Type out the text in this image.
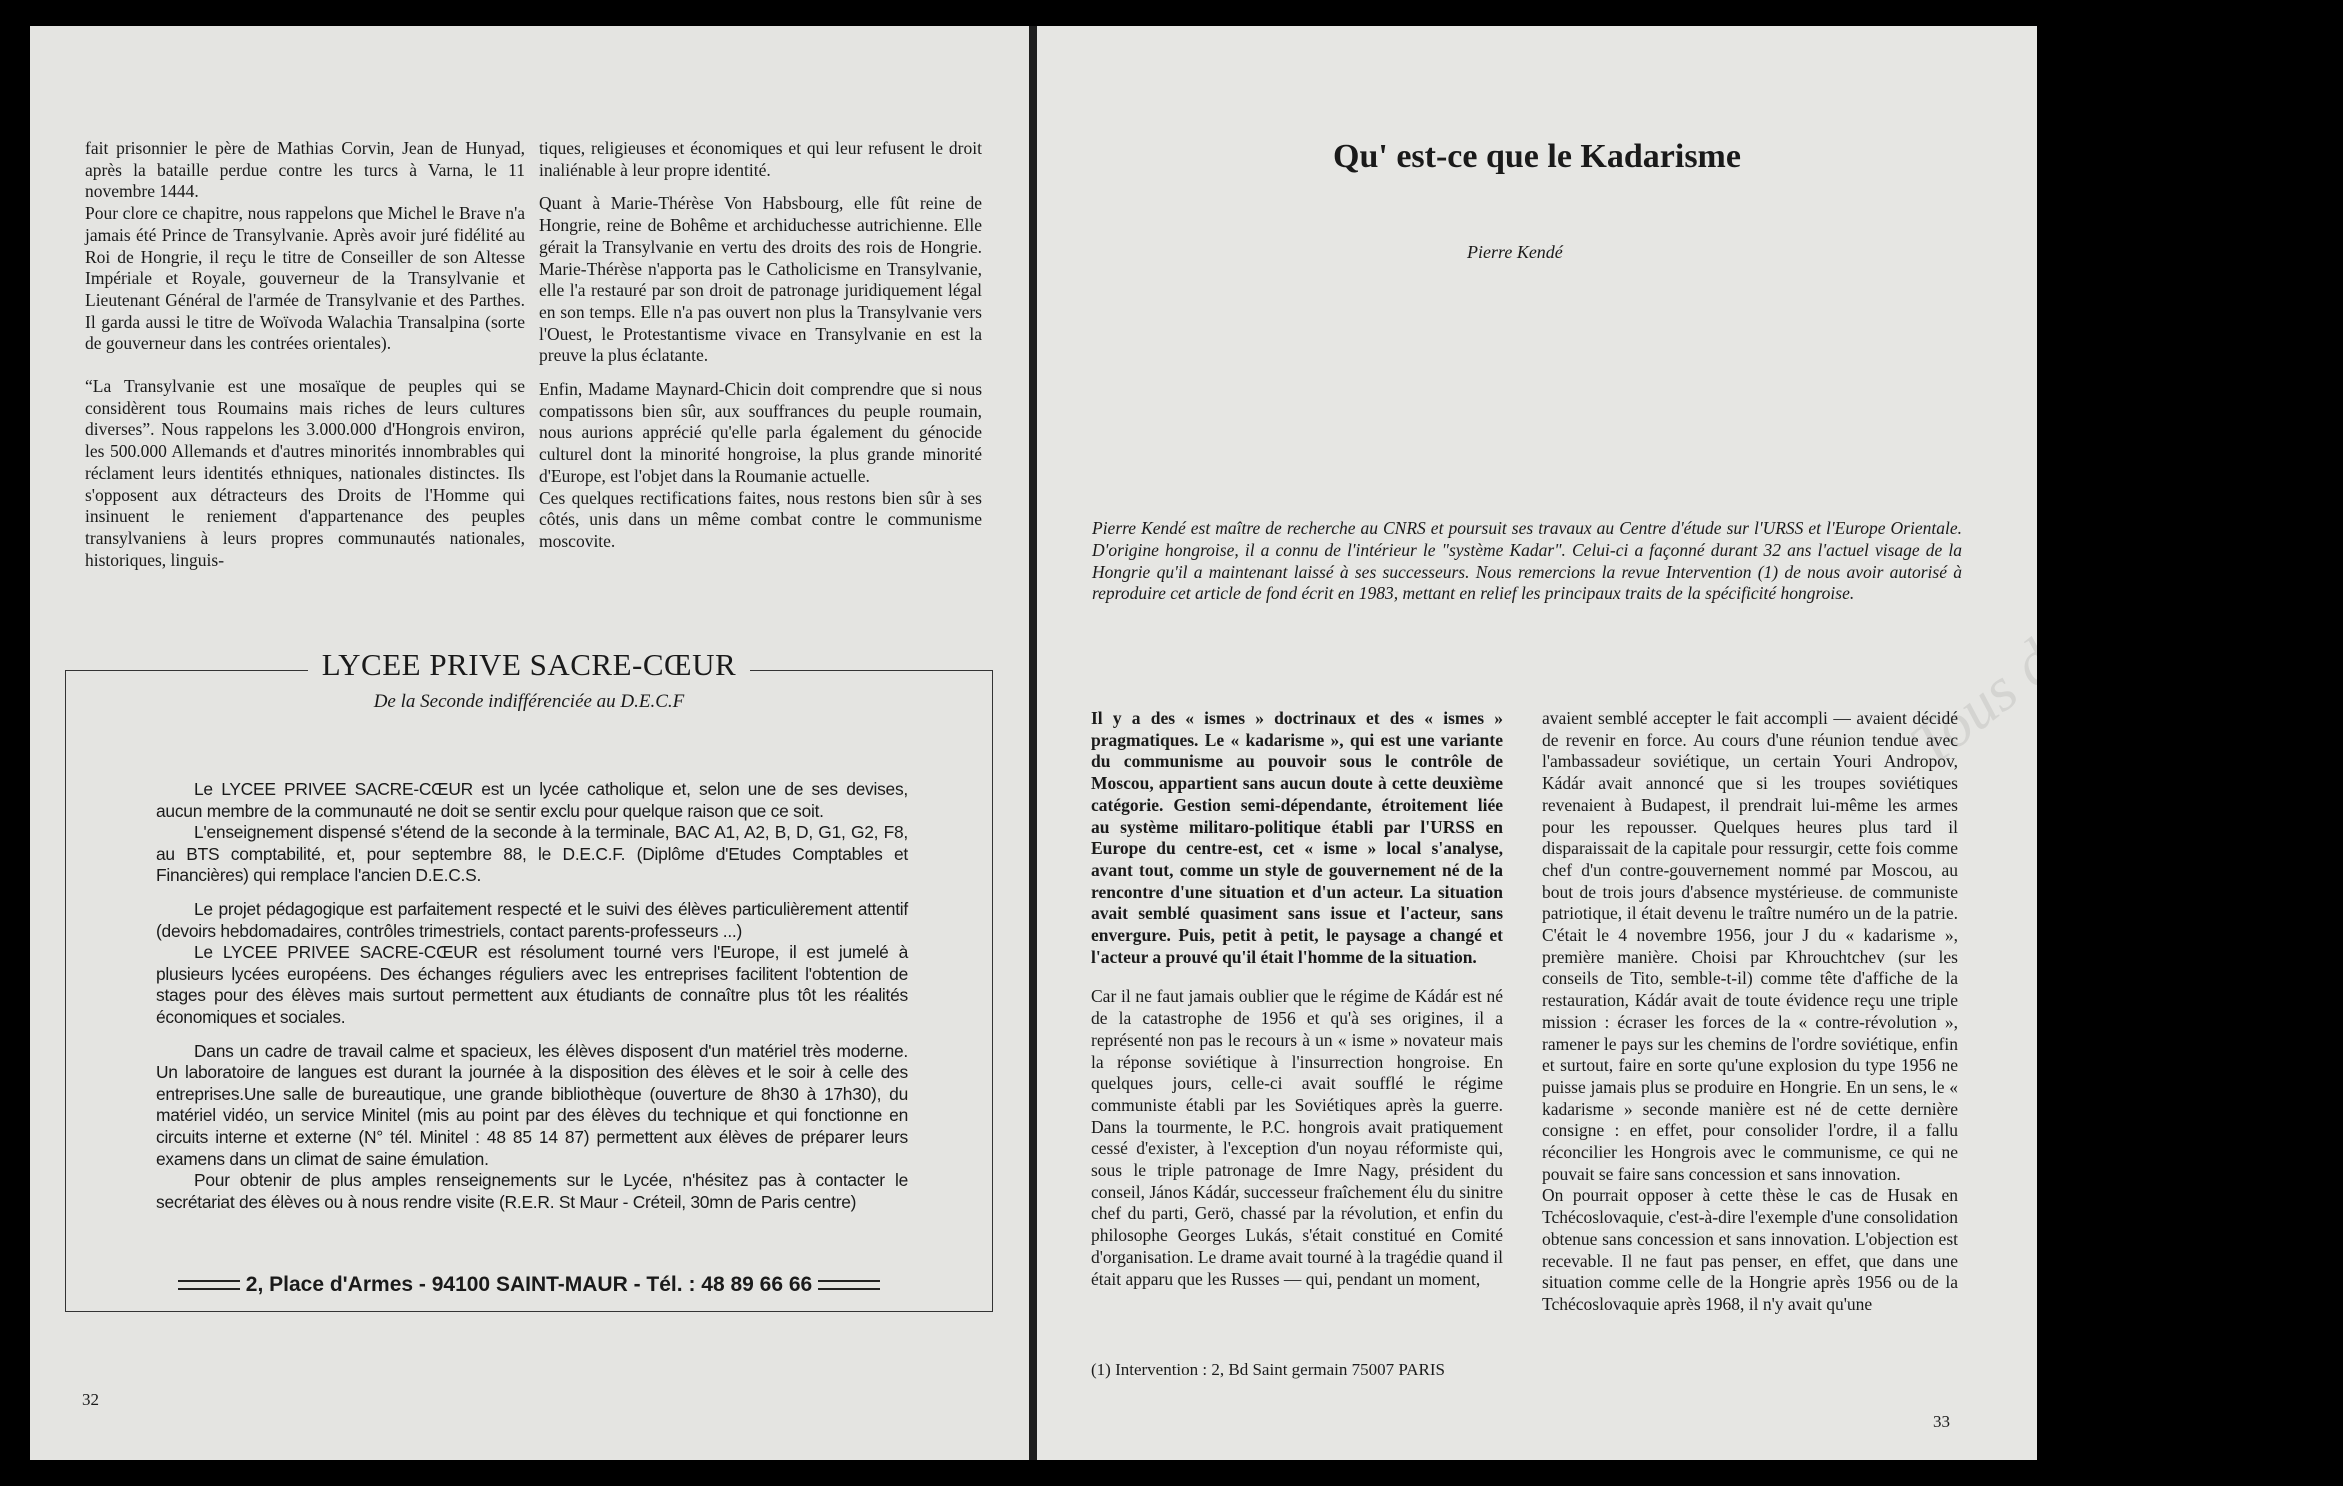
fait prisonnier le père de Mathias Corvin, Jean de Hunyad, après la bataille perdue contre les turcs à Varna, le 11 novembre 1444.

Pour clore ce chapitre, nous rappelons que Michel le Brave n'a jamais été Prince de Transylvanie. Après avoir juré fidélité au Roi de Hongrie, il reçu le titre de Conseiller de son Altesse Impériale et Royale, gouverneur de la Transylvanie et Lieutenant Général de l'armée de Transylvanie et des Parthes. Il garda aussi le titre de Woïvoda Walachia Transalpina (sorte de gouverneur dans les contrées orientales).

“La Transylvanie est une mosaïque de peuples qui se considèrent tous Roumains mais riches de leurs cultures diverses”. Nous rappelons les 3.000.000 d'Hongrois environ, les 500.000 Allemands et d'autres minorités innombrables qui réclament leurs identités ethniques, nationales distinctes. Ils s'opposent aux détracteurs des Droits de l'Homme qui insinuent le reniement d'appartenance des peuples transylvaniens à leurs propres communautés nationales, historiques, linguis-

tiques, religieuses et économiques et qui leur refusent le droit inaliénable à leur propre identité.

Quant à Marie-Thérèse Von Habsbourg, elle fût reine de Hongrie, reine de Bohême et archiduchesse autrichienne. Elle gérait la Transylvanie en vertu des droits des rois de Hongrie. Marie-Thérèse n'apporta pas le Catholicisme en Transylvanie, elle l'a restauré par son droit de patronage juridiquement légal en son temps. Elle n'a pas ouvert non plus la Transylvanie vers l'Ouest, le Protestantisme vivace en Transylvanie en est la preuve la plus éclatante.

Enfin, Madame Maynard-Chicin doit comprendre que si nous compatissons bien sûr, aux souffrances du peuple roumain, nous aurions apprécié qu'elle parla également du génocide culturel dont la minorité hongroise, la plus grande minorité d'Europe, est l'objet dans la Roumanie actuelle.

Ces quelques rectifications faites, nous restons bien sûr à ses côtés, unis dans un même combat contre le communisme moscovite.

LYCEE PRIVE SACRE-CŒUR
De la Seconde indifférenciée au D.E.C.F

Le LYCEE PRIVEE SACRE-CŒUR est un lycée catholique et, selon une de ses devises, aucun membre de la communauté ne doit se sentir exclu pour quelque raison que ce soit.

L'enseignement dispensé s'étend de la seconde à la terminale, BAC A1, A2, B, D, G1, G2, F8, au BTS comptabilité, et, pour septembre 88, le D.E.C.F. (Diplôme d'Etudes Comptables et Financières) qui remplace l'ancien D.E.C.S.

Le projet pédagogique est parfaitement respecté et le suivi des élèves particulièrement attentif (devoirs hebdomadaires, contrôles trimestriels, contact parents-professeurs ...)

Le LYCEE PRIVEE SACRE-CŒUR est résolument tourné vers l'Europe, il est jumelé à plusieurs lycées européens. Des échanges réguliers avec les entreprises facilitent l'obtention de stages pour des élèves mais surtout permettent aux étudiants de connaître plus tôt les réalités économiques et sociales.

Dans un cadre de travail calme et spacieux, les élèves disposent d'un matériel très moderne. Un laboratoire de langues est durant la journée à la disposition des élèves et le soir à celle des entreprises.Une salle de bureautique, une grande bibliothèque (ouverture de 8h30 à 17h30), du matériel vidéo, un service Minitel (mis au point par des élèves du technique et qui fonctionne en circuits interne et externe (N° tél. Minitel : 48 85 14 87) permettent aux élèves de préparer leurs examens dans un climat de saine émulation.

Pour obtenir de plus amples renseignements sur le Lycée, n'hésitez pas à contacter le secrétariat des élèves ou à nous rendre visite (R.E.R. St Maur - Créteil, 30mn de Paris centre)

2, Place d'Armes - 94100 SAINT-MAUR - Tél. : 48 89 66 66
32
Tous droits réservés.
Qu' est-ce que le Kadarisme
Pierre Kendé
Pierre Kendé est maître de recherche au CNRS et poursuit ses travaux au Centre d'étude sur l'URSS et l'Europe Orientale. D'origine hongroise, il a connu de l'intérieur le "système Kadar". Celui-ci a façonné durant 32 ans l'actuel visage de la Hongrie qu'il a maintenant laissé à ses successeurs. Nous remercions la revue Intervention (1) de nous avoir autorisé à reproduire cet article de fond écrit en 1983, mettant en relief les principaux traits de la spécificité hongroise.

Il y a des « ismes » doctrinaux et des « ismes » pragmatiques. Le « kadarisme », qui est une variante du communisme au pouvoir sous le contrôle de Moscou, appartient sans aucun doute à cette deuxième catégorie. Gestion semi-dépendante, étroitement liée au système militaro-politique établi par l'URSS en Europe du centre-est, cet « isme » local s'analyse, avant tout, comme un style de gouvernement né de la rencontre d'une situation et d'un acteur. La situation avait semblé quasiment sans issue et l'acteur, sans envergure. Puis, petit à petit, le paysage a changé et l'acteur a prouvé qu'il était l'homme de la situation.

Car il ne faut jamais oublier que le régime de Kádár est né de la catastrophe de 1956 et qu'à ses origines, il a représenté non pas le recours à un « isme » novateur mais la réponse soviétique à l'insurrection hongroise. En quelques jours, celle-ci avait soufflé le régime communiste établi par les Soviétiques après la guerre. Dans la tourmente, le P.C. hongrois avait pratiquement cessé d'exister, à l'exception d'un noyau réformiste qui, sous le triple patronage de Imre Nagy, président du conseil, János Kádár, successeur fraîchement élu du sinitre chef du parti, Gerö, chassé par la révolution, et enfin du philosophe Georges Lukás, s'était constitué en Comité d'organisation. Le drame avait tourné à la tragédie quand il était apparu que les Russes — qui, pendant un moment,

(1) Intervention : 2, Bd Saint germain 75007 PARIS

avaient semblé accepter le fait accompli — avaient décidé de revenir en force. Au cours d'une réunion tendue avec l'ambassadeur soviétique, un certain Youri Andropov, Kádár avait annoncé que si les troupes soviétiques revenaient à Budapest, il prendrait lui-même les armes pour les repousser. Quelques heures plus tard il disparaissait de la capitale pour ressurgir, cette fois comme chef d'un contre-gouvernement nommé par Moscou, au bout de trois jours d'absence mystérieuse. de communiste patriotique, il était devenu le traître numéro un de la patrie. C'était le 4 novembre 1956, jour J du « kadarisme », première manière. Choisi par Khrouchtchev (sur les conseils de Tito, semble-t-il) comme tête d'affiche de la restauration, Kádár avait de toute évidence reçu une triple mission : écraser les forces de la « contre-révolution », ramener le pays sur les chemins de l'ordre soviétique, enfin et surtout, faire en sorte qu'une explosion du type 1956 ne puisse jamais plus se produire en Hongrie. En un sens, le « kadarisme » seconde manière est né de cette dernière consigne : en effet, pour consolider l'ordre, il a fallu réconcilier les Hongrois avec le communisme, ce qui ne pouvait se faire sans concession et sans innovation.

On pourrait opposer à cette thèse le cas de Husak en Tchécoslovaquie, c'est-à-dire l'exemple d'une consolidation obtenue sans concession et sans innovation. L'objection est recevable. Il ne faut pas penser, en effet, que dans une situation comme celle de la Hongrie après 1956 ou de la Tchécoslovaquie après 1968, il n'y avait qu'une

33
